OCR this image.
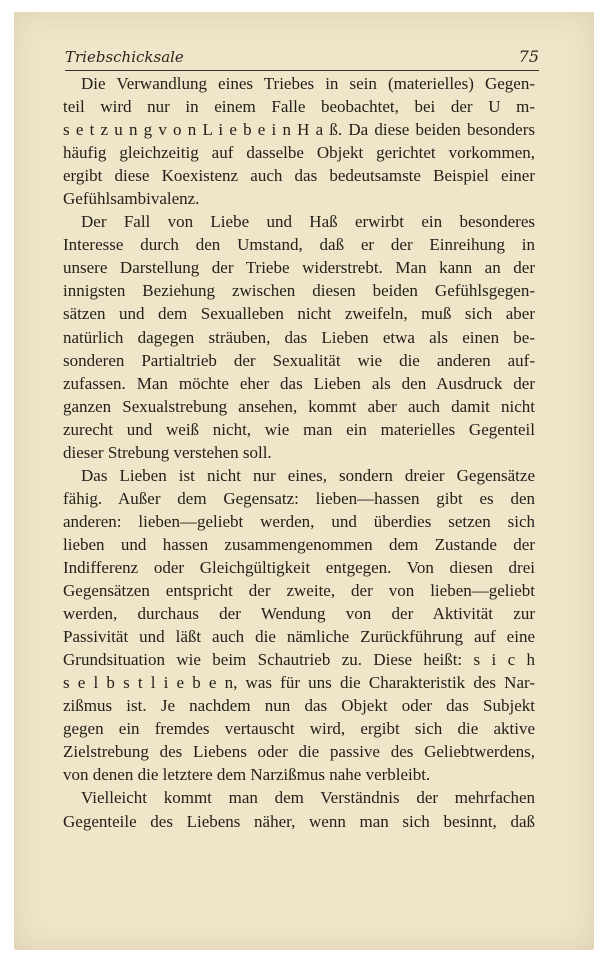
Triebschicksale	75
Die Verwandlung eines Triebes in sein (materielles) Gegen-
teil wird nur in einem Falle beobachtet, bei der U m-
s e t z u n g v o n L i e b e i n H a ß. Da diese beiden besonders
häufig gleichzeitig auf dasselbe Objekt gerichtet vorkommen,
ergibt diese Koexistenz auch das bedeutsamste Beispiel einer
Gefühlsambivalenz.
Der Fall von Liebe und Haß erwirbt ein besonderes
Interesse durch den Umstand, daß er der Einreihung in
unsere Darstellung der Triebe widerstrebt. Man kann an der
innigsten Beziehung zwischen diesen beiden Gefühlsgegen-
sätzen und dem Sexualleben nicht zweifeln, muß sich aber
natürlich dagegen sträuben, das Lieben etwa als einen be-
sonderen Partialtrieb der Sexualität wie die anderen auf-
zufassen. Man möchte eher das Lieben als den Ausdruck der
ganzen Sexualstrebung ansehen, kommt aber auch damit nicht
zurecht und weiß nicht, wie man ein materielles Gegenteil
dieser Strebung verstehen soll.
Das Lieben ist nicht nur eines, sondern dreier Gegensätze
fähig. Außer dem Gegensatz: lieben—hassen gibt es den
anderen: lieben—geliebt werden, und überdies setzen sich
lieben und hassen zusammengenommen dem Zustande der
Indifferenz oder Gleichgültigkeit entgegen. Von diesen drei
Gegensätzen entspricht der zweite, der von lieben—geliebt
werden, durchaus der Wendung von der Aktivität zur
Passivität und läßt auch die nämliche Zurückführung auf eine
Grundsituation wie beim Schautrieb zu. Diese heißt: s i c h
s e l b s t l i e b e n, was für uns die Charakteristik des Nar-
zißmus ist. Je nachdem nun das Objekt oder das Subjekt
gegen ein fremdes vertauscht wird, ergibt sich die aktive
Zielstrebung des Liebens oder die passive des Geliebtwerdens,
von denen die letztere dem Narzißmus nahe verbleibt.
Vielleicht kommt man dem Verständnis der mehrfachen
Gegenteile des Liebens näher, wenn man sich besinnt, daß
